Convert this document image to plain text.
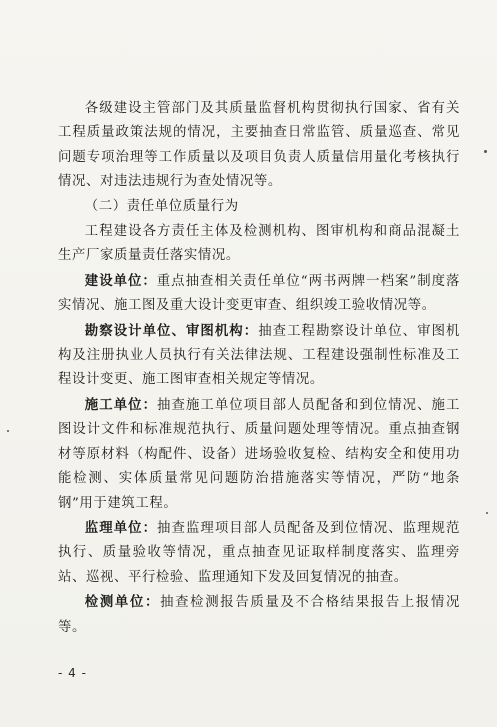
各级建设主管部门及其质量监督机构贯彻执行国家、省有关工程质量政策法规的情况，主要抽查日常监管、质量巡查、常见问题专项治理等工作质量以及项目负责人质量信用量化考核执行情况、对违法违规行为查处情况等。

（二）责任单位质量行为

工程建设各方责任主体及检测机构、图审机构和商品混凝土生产厂家质量责任落实情况。

建设单位：重点抽查相关责任单位“两书两牌一档案”制度落实情况、施工图及重大设计变更审查、组织竣工验收情况等。

勘察设计单位、审图机构：抽查工程勘察设计单位、审图机构及注册执业人员执行有关法律法规、工程建设强制性标准及工程设计变更、施工图审查相关规定等情况。

施工单位：抽查施工单位项目部人员配备和到位情况、施工图设计文件和标准规范执行、质量问题处理等情况。重点抽查钢材等原材料（构配件、设备）进场验收复检、结构安全和使用功能检测、实体质量常见问题防治措施落实等情况，严防“地条钢”用于建筑工程。

监理单位：抽查监理项目部人员配备及到位情况、监理规范执行、质量验收等情况，重点抽查见证取样制度落实、监理旁站、巡视、平行检验、监理通知下发及回复情况的抽查。

检测单位：抽查检测报告质量及不合格结果报告上报情况等。

- 4 -
